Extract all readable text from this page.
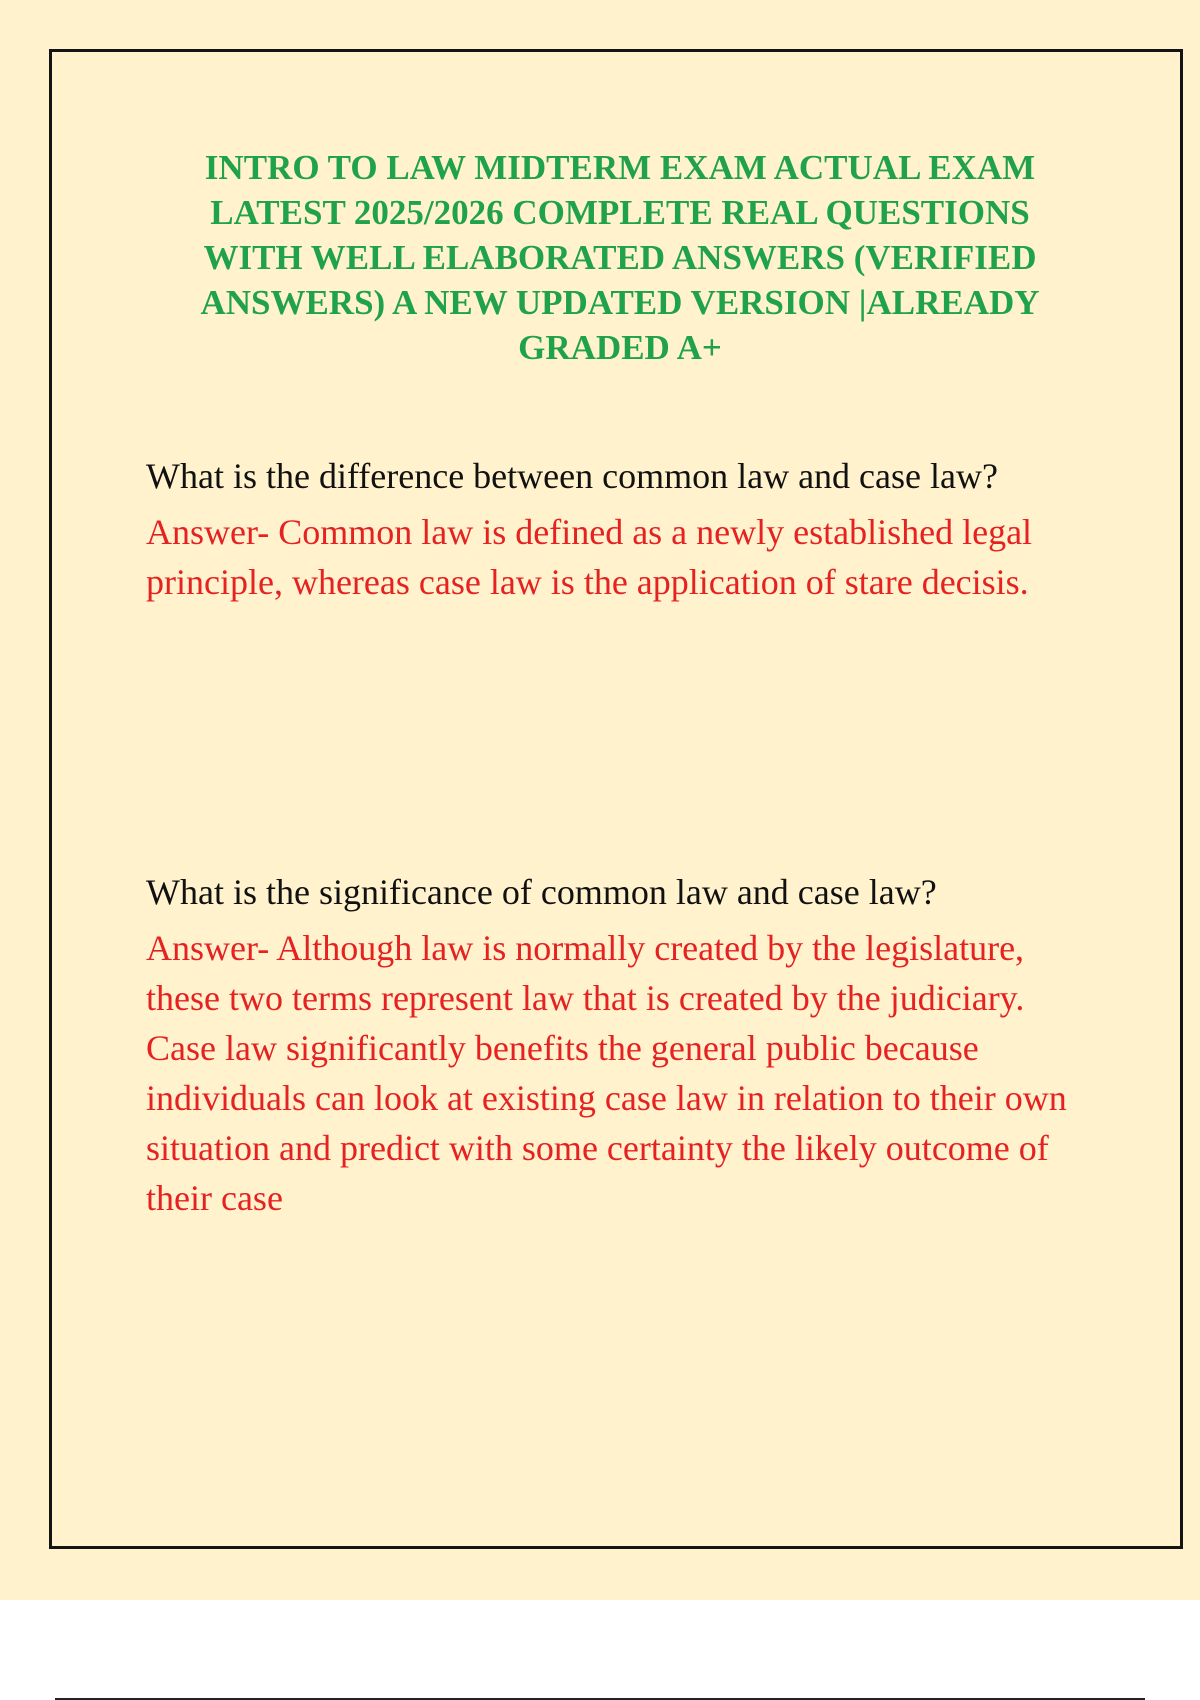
INTRO TO LAW MIDTERM EXAM ACTUAL EXAM LATEST 2025/2026 COMPLETE REAL QUESTIONS WITH WELL ELABORATED ANSWERS (VERIFIED ANSWERS) A NEW UPDATED VERSION |ALREADY GRADED A+

What is the difference between common law and case law?

Answer- Common law is defined as a newly established legal principle, whereas case law is the application of stare decisis.

What is the significance of common law and case law?

Answer- Although law is normally created by the legislature, these two terms represent law that is created by the judiciary. Case law significantly benefits the general public because individuals can look at existing case law in relation to their own situation and predict with some certainty the likely outcome of their case
